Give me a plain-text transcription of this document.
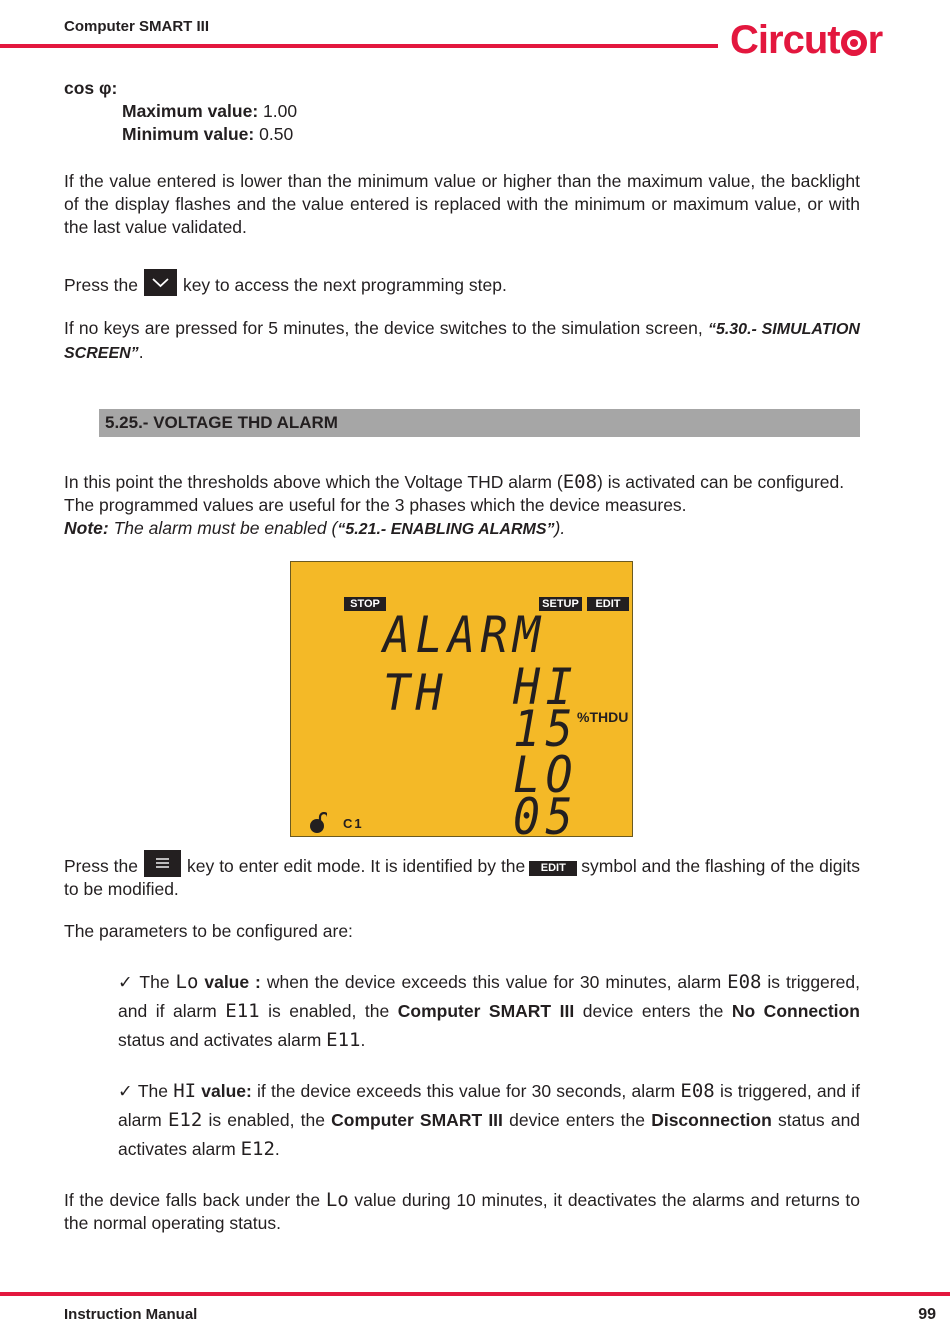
Computer SMART III	Circut r
cos φ:
Maximum value: 1.00
Minimum value: 0.50
If the value entered is lower than the minimum value or higher than the maximum value, the backlight of the display flashes and the value entered is replaced with the minimum or maximum value, or with the last value validated.
Press the	key to access the next programming step.
If no keys are pressed for 5 minutes, the device switches to the simulation screen, “5.30.- SIMULATION SCREEN”.
5.25.- VOLTAGE THD ALARM
In this point the thresholds above which the Voltage THD alarm (E08) is activated can be configured.
The programmed values are useful for the 3 phases which the device measures.
Note: The alarm must be enabled (“5.21.- ENABLING ALARMS”).
STOP	SETUP	EDIT
ALARM TH	HI
15 %THDU
LO
05
C1
Press the	key to enter edit mode. It is identified by the EDIT symbol and the flashing of the digits to be modified.
The parameters to be configured are:
✓ The Lo value : when the device exceeds this value for 30 minutes, alarm E08 is triggered, and if alarm E11 is enabled, the Computer SMART III device enters the No Connection status and activates alarm E11.
✓ The HI value: if the device exceeds this value for 30 seconds, alarm E08 is triggered, and if alarm E12 is enabled, the Computer SMART III device enters the Disconnection status and activates alarm E12.
If the device falls back under the Lo value during 10 minutes, it deactivates the alarms and returns to the normal operating status.
Instruction Manual	99
